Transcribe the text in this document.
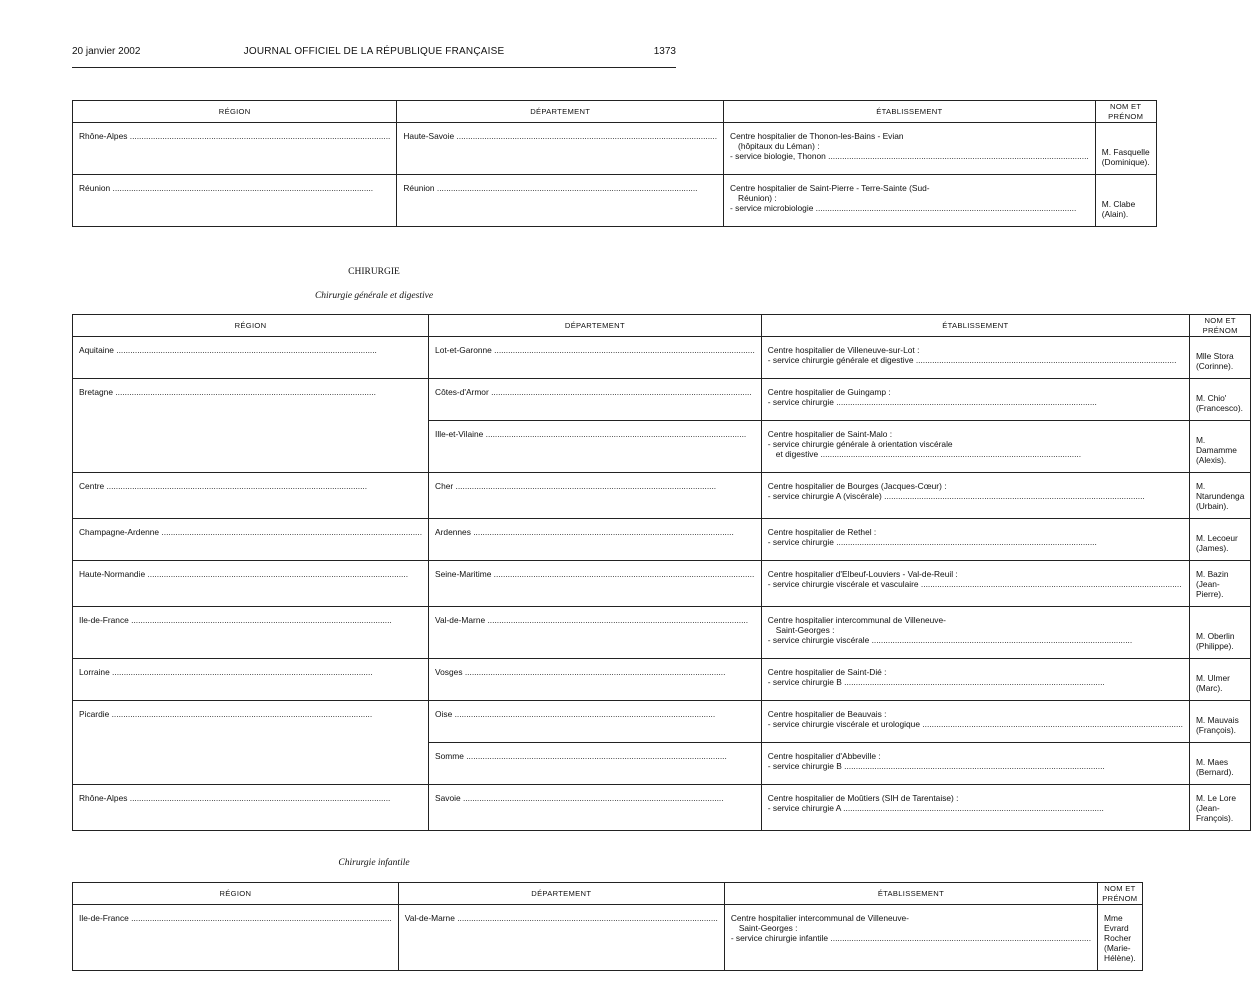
20 janvier 2002	JOURNAL OFFICIEL DE LA RÉPUBLIQUE FRANÇAISE	1373
RÉGION	DÉPARTEMENT	ÉTABLISSEMENT	NOM ET PRÉNOM

Rhône-Alpes .....	Haute-Savoie .....	Centre hospitalier de Thonon-les-Bains - Evian
(hôpitaux du Léman) :
- service biologie, Thonon .....	M. Fasquelle (Dominique).

Réunion .....	Réunion .....	Centre hospitalier de Saint-Pierre - Terre-Sainte (Sud-
Réunion) :
- service microbiologie .....	M. Clabe (Alain).
CHIRURGIE
Chirurgie générale et digestive
RÉGION	DÉPARTEMENT	ÉTABLISSEMENT	NOM ET PRÉNOM

Aquitaine .....	Lot-et-Garonne .....	Centre hospitalier de Villeneuve-sur-Lot :
- service chirurgie générale et digestive .....	Mlle Stora (Corinne).

Bretagne .....	Côtes-d'Armor .....	Centre hospitalier de Guingamp :
- service chirurgie .....	M. Chio' (Francesco).

	Ille-et-Vilaine .....	Centre hospitalier de Saint-Malo :
- service chirurgie générale à orientation viscérale
et digestive .....	M. Damamme (Alexis).

Centre .....	Cher .....	Centre hospitalier de Bourges (Jacques-Cœur) :
- service chirurgie A (viscérale) .....	M. Ntarundenga (Urbain).

Champagne-Ardenne .....	Ardennes .....	Centre hospitalier de Rethel :
- service chirurgie .....	M. Lecoeur (James).

Haute-Normandie .....	Seine-Maritime .....	Centre hospitalier d'Elbeuf-Louviers - Val-de-Reuil :
- service chirurgie viscérale et vasculaire .....	M. Bazin (Jean-Pierre).

Ile-de-France .....	Val-de-Marne .....	Centre hospitalier intercommunal de Villeneuve-
Saint-Georges :
- service chirurgie viscérale .....	M. Oberlin (Philippe).

Lorraine .....	Vosges .....	Centre hospitalier de Saint-Dié :
- service chirurgie B .....	M. Ulmer (Marc).

Picardie .....	Oise .....	Centre hospitalier de Beauvais :
- service chirurgie viscérale et urologique .....	M. Mauvais (François).

	Somme .....	Centre hospitalier d'Abbeville :
- service chirurgie B .....	M. Maes (Bernard).

Rhône-Alpes .....	Savoie .....	Centre hospitalier de Moûtiers (SIH de Tarentaise) :
- service chirurgie A .....	M. Le Lore (Jean-François).
Chirurgie infantile
RÉGION	DÉPARTEMENT	ÉTABLISSEMENT	NOM ET PRÉNOM

Ile-de-France .....	Val-de-Marne .....	Centre hospitalier intercommunal de Villeneuve-
Saint-Georges :
- service chirurgie infantile .....	Mme Evrard Rocher (Marie-Hélène).
